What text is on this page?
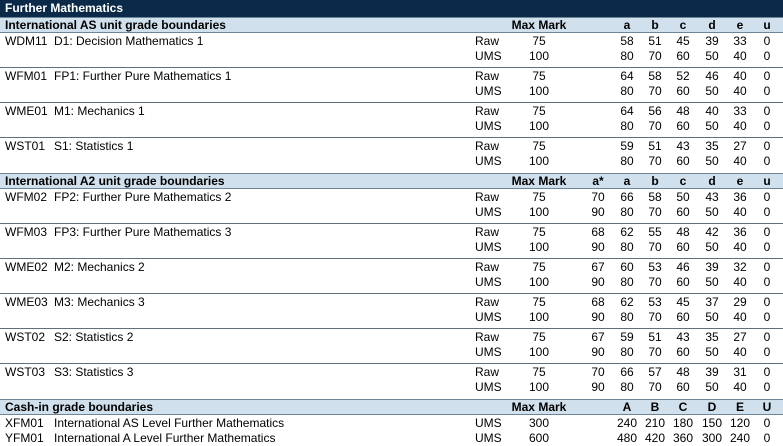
Further Mathematics
International AS unit grade boundaries	Max Mark	a	b	c	d	e	u
WDM11 D1: Decision Mathematics 1	Raw	75	58	51	45	39	33	0
UMS	100	80	70	60	50	40	0
WFM01 FP1: Further Pure Mathematics 1	Raw	75	64	58	52	46	40	0
UMS	100	80	70	60	50	40	0
WME01 M1: Mechanics 1	Raw	75	64	56	48	40	33	0
UMS	100	80	70	60	50	40	0
WST01 S1: Statistics 1	Raw	75	59	51	43	35	27	0
UMS	100	80	70	60	50	40	0
International A2 unit grade boundaries	Max Mark	a*	a	b	c	d	e	u
WFM02 FP2: Further Pure Mathematics 2	Raw	75	70	66	58	50	43	36	0
UMS	100	90	80	70	60	50	40	0
WFM03 FP3: Further Pure Mathematics 3	Raw	75	68	62	55	48	42	36	0
UMS	100	90	80	70	60	50	40	0
WME02 M2: Mechanics 2	Raw	75	67	60	53	46	39	32	0
UMS	100	90	80	70	60	50	40	0
WME03 M3: Mechanics 3	Raw	75	68	62	53	45	37	29	0
UMS	100	90	80	70	60	50	40	0
WST02 S2: Statistics 2	Raw	75	67	59	51	43	35	27	0
UMS	100	90	80	70	60	50	40	0
WST03 S3: Statistics 3	Raw	75	70	66	57	48	39	31	0
UMS	100	90	80	70	60	50	40	0
Cash-in grade boundaries	Max Mark	A	B	C	D	E	U
XFM01 International AS Level Further Mathematics	UMS	300	240 210 180 150 120	0
YFM01 International A Level Further Mathematics	UMS	600	480 420 360 300 240	0
